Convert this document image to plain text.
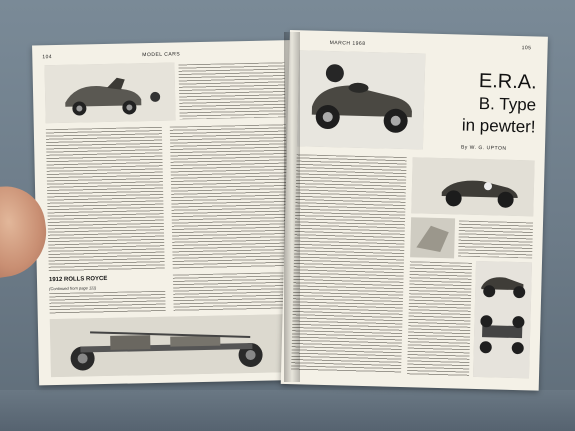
104	MODEL CARS
1912 ROLLS ROYCE
(Continued from page 111)
MARCH 1968
105
E.R.A.
B. Type
in pewter!
By W. G. UPTON
